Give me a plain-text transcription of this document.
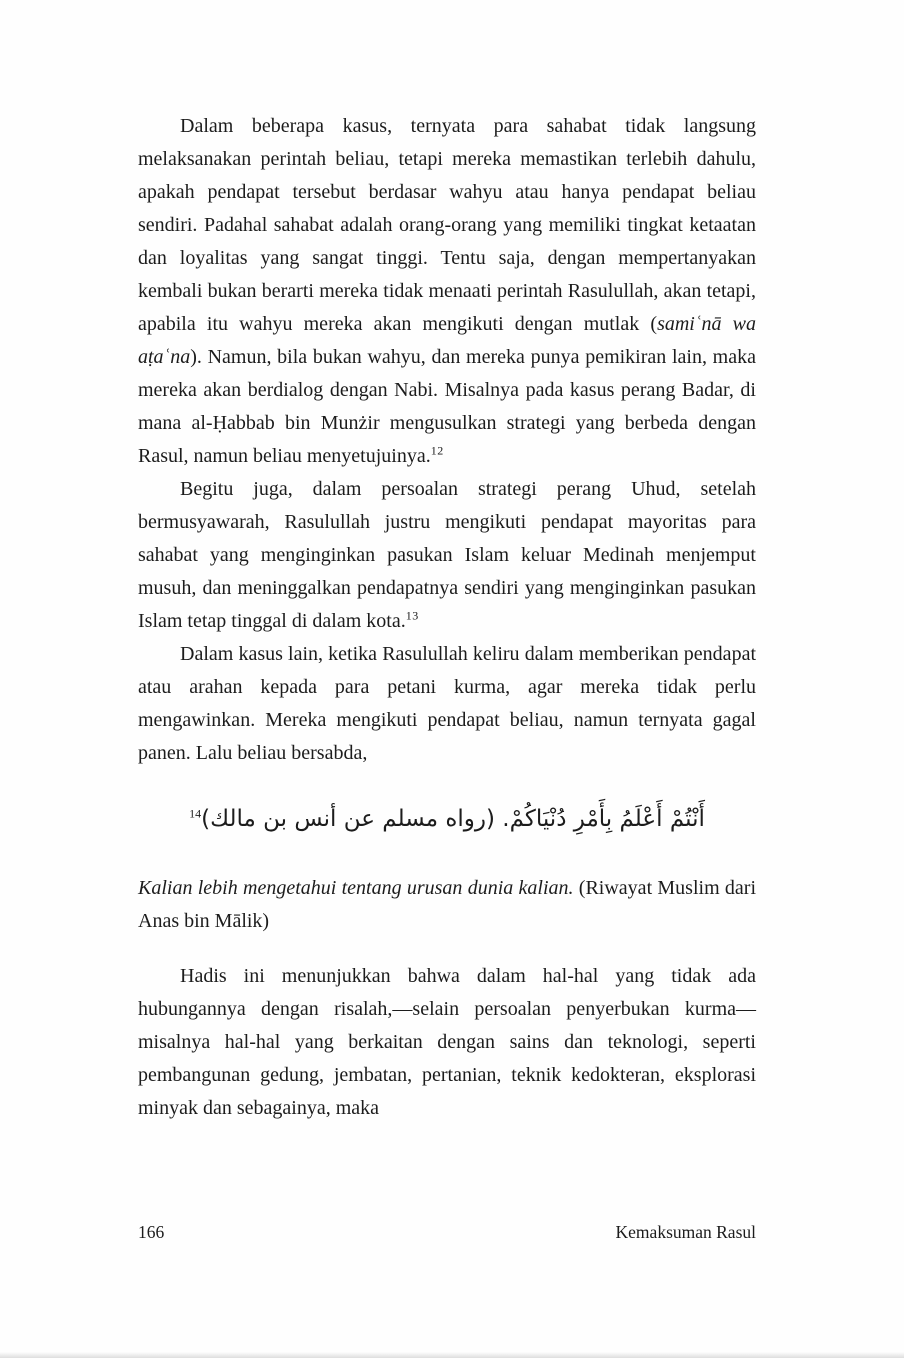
Dalam beberapa kasus, ternyata para sahabat tidak langsung melaksanakan perintah beliau, tetapi mereka memastikan terlebih dahulu, apakah pendapat tersebut berdasar wahyu atau hanya pendapat beliau sendiri. Padahal sahabat adalah orang-orang yang memiliki tingkat ketaatan dan loyalitas yang sangat tinggi. Tentu saja, dengan mempertanyakan kembali bukan berarti mereka tidak menaati perintah Rasulullah, akan tetapi, apabila itu wahyu mereka akan mengikuti dengan mutlak (samiʿnā wa aṭaʿna). Namun, bila bukan wahyu, dan mereka punya pemikiran lain, maka mereka akan berdialog dengan Nabi. Misalnya pada kasus perang Badar, di mana al-Ḥabbab bin Munżir mengusulkan strategi yang berbeda dengan Rasul, namun beliau menyetujuinya.$^{12}$

Begitu juga, dalam persoalan strategi perang Uhud, setelah bermusyawarah, Rasulullah justru mengikuti pendapat mayoritas para sahabat yang menginginkan pasukan Islam keluar Medinah menjemput musuh, dan meninggalkan pendapatnya sendiri yang menginginkan pasukan Islam tetap tinggal di dalam kota.$^{13}$

Dalam kasus lain, ketika Rasulullah keliru dalam memberikan pendapat atau arahan kepada para petani kurma, agar mereka tidak perlu mengawinkan. Mereka mengikuti pendapat beliau, namun ternyata gagal panen. Lalu beliau bersabda,

أَنْتُمْ أَعْلَمُ بِأَمْرِ دُنْيَاكُمْ. (رواه مسلم عن أنس بن مالك)$^{14}$

Kalian lebih mengetahui tentang urusan dunia kalian. (Riwayat Muslim dari Anas bin Mālik)

Hadis ini menunjukkan bahwa dalam hal-hal yang tidak ada hubungannya dengan risalah,—selain persoalan penyerbukan kurma—misalnya hal-hal yang berkaitan dengan sains dan teknologi, seperti pembangunan gedung, jembatan, pertanian, teknik kedokteran, eksplorasi minyak dan sebagainya, maka

166	Kemaksuman Rasul
